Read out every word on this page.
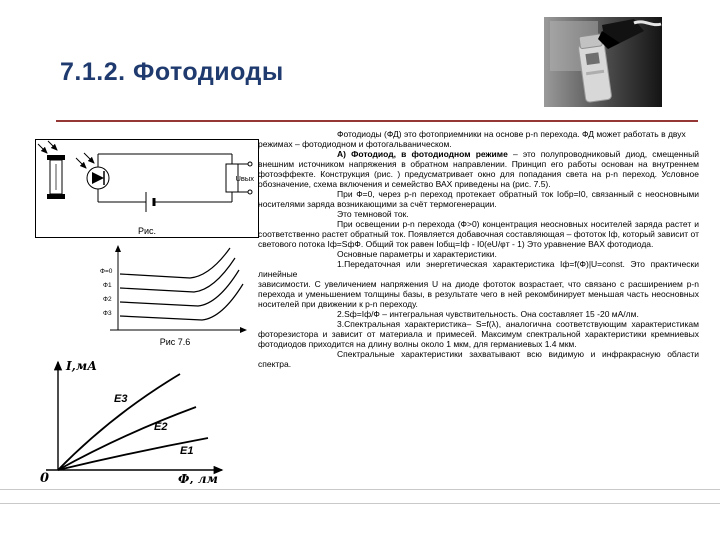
7.1.2. Фотодиоды
Uвых
Рис.
Ф=0
Ф1
Ф2
Ф3
Рис 7.6
I,мА
Ф, лм
0
E3
E2
E1

Фотодиоды (ФД) это фотоприемники на основе p-n перехода. ФД может работать в двух

режимах – фотодиодном и фотогальваническом.

А) Фотодиод, в фотодиодном режиме – это полупроводниковый диод, смещенный внешним источником напряжения в обратном направлении. Принцип его работы основан на внутреннем фотоэффекте. Конструкция (рис. ) предусматривает окно для попадания света на p-n переход. Условное обозначение, схема включения и семейство ВАХ приведены на (рис. 7.5).

При Ф=0, через p-n переход протекает обратный ток Iобр=I0, связанный с неосновными носителями заряда возникающими за счёт термогенерации.

Это темновой ток.

При освещении p-n перехода (Ф>0) концентрация неосновных носителей заряда растет и соответственно растет обратный ток. Появляется добавочная составляющая – фототок Iф, который зависит от светового потока Iф=SфФ. Общий ток равен Iобщ=Iф - I0(eU/φт - 1) Это уравнение ВАХ фотодиода.

Основные параметры и характеристики.

1.Передаточная или энергетическая характеристика Iф=f(Ф)|U=const. Это практически линейные

зависимости. С увеличением напряжения U на диоде фототок возрастает, что связано с расширением p-n перехода и уменьшением толщины базы, в результате чего в ней рекомбинирует меньшая часть неосновных носителей при движении к p-n переходу.

2.Sф=Iф/Ф – интегральная чувствительность. Она составляет 15 -20 мА/лм.

3.Спектральная характеристика– S=f(λ), аналогична соответствующим характеристикам фоторезистора и зависит от материала и примесей. Максимум спектральной характеристики кремниевых фотодиодов приходится на длину волны около 1 мкм, для германиевых 1.4 мкм.

Спектральные характеристики захватывают всю видимую и инфракрасную области спектра.
